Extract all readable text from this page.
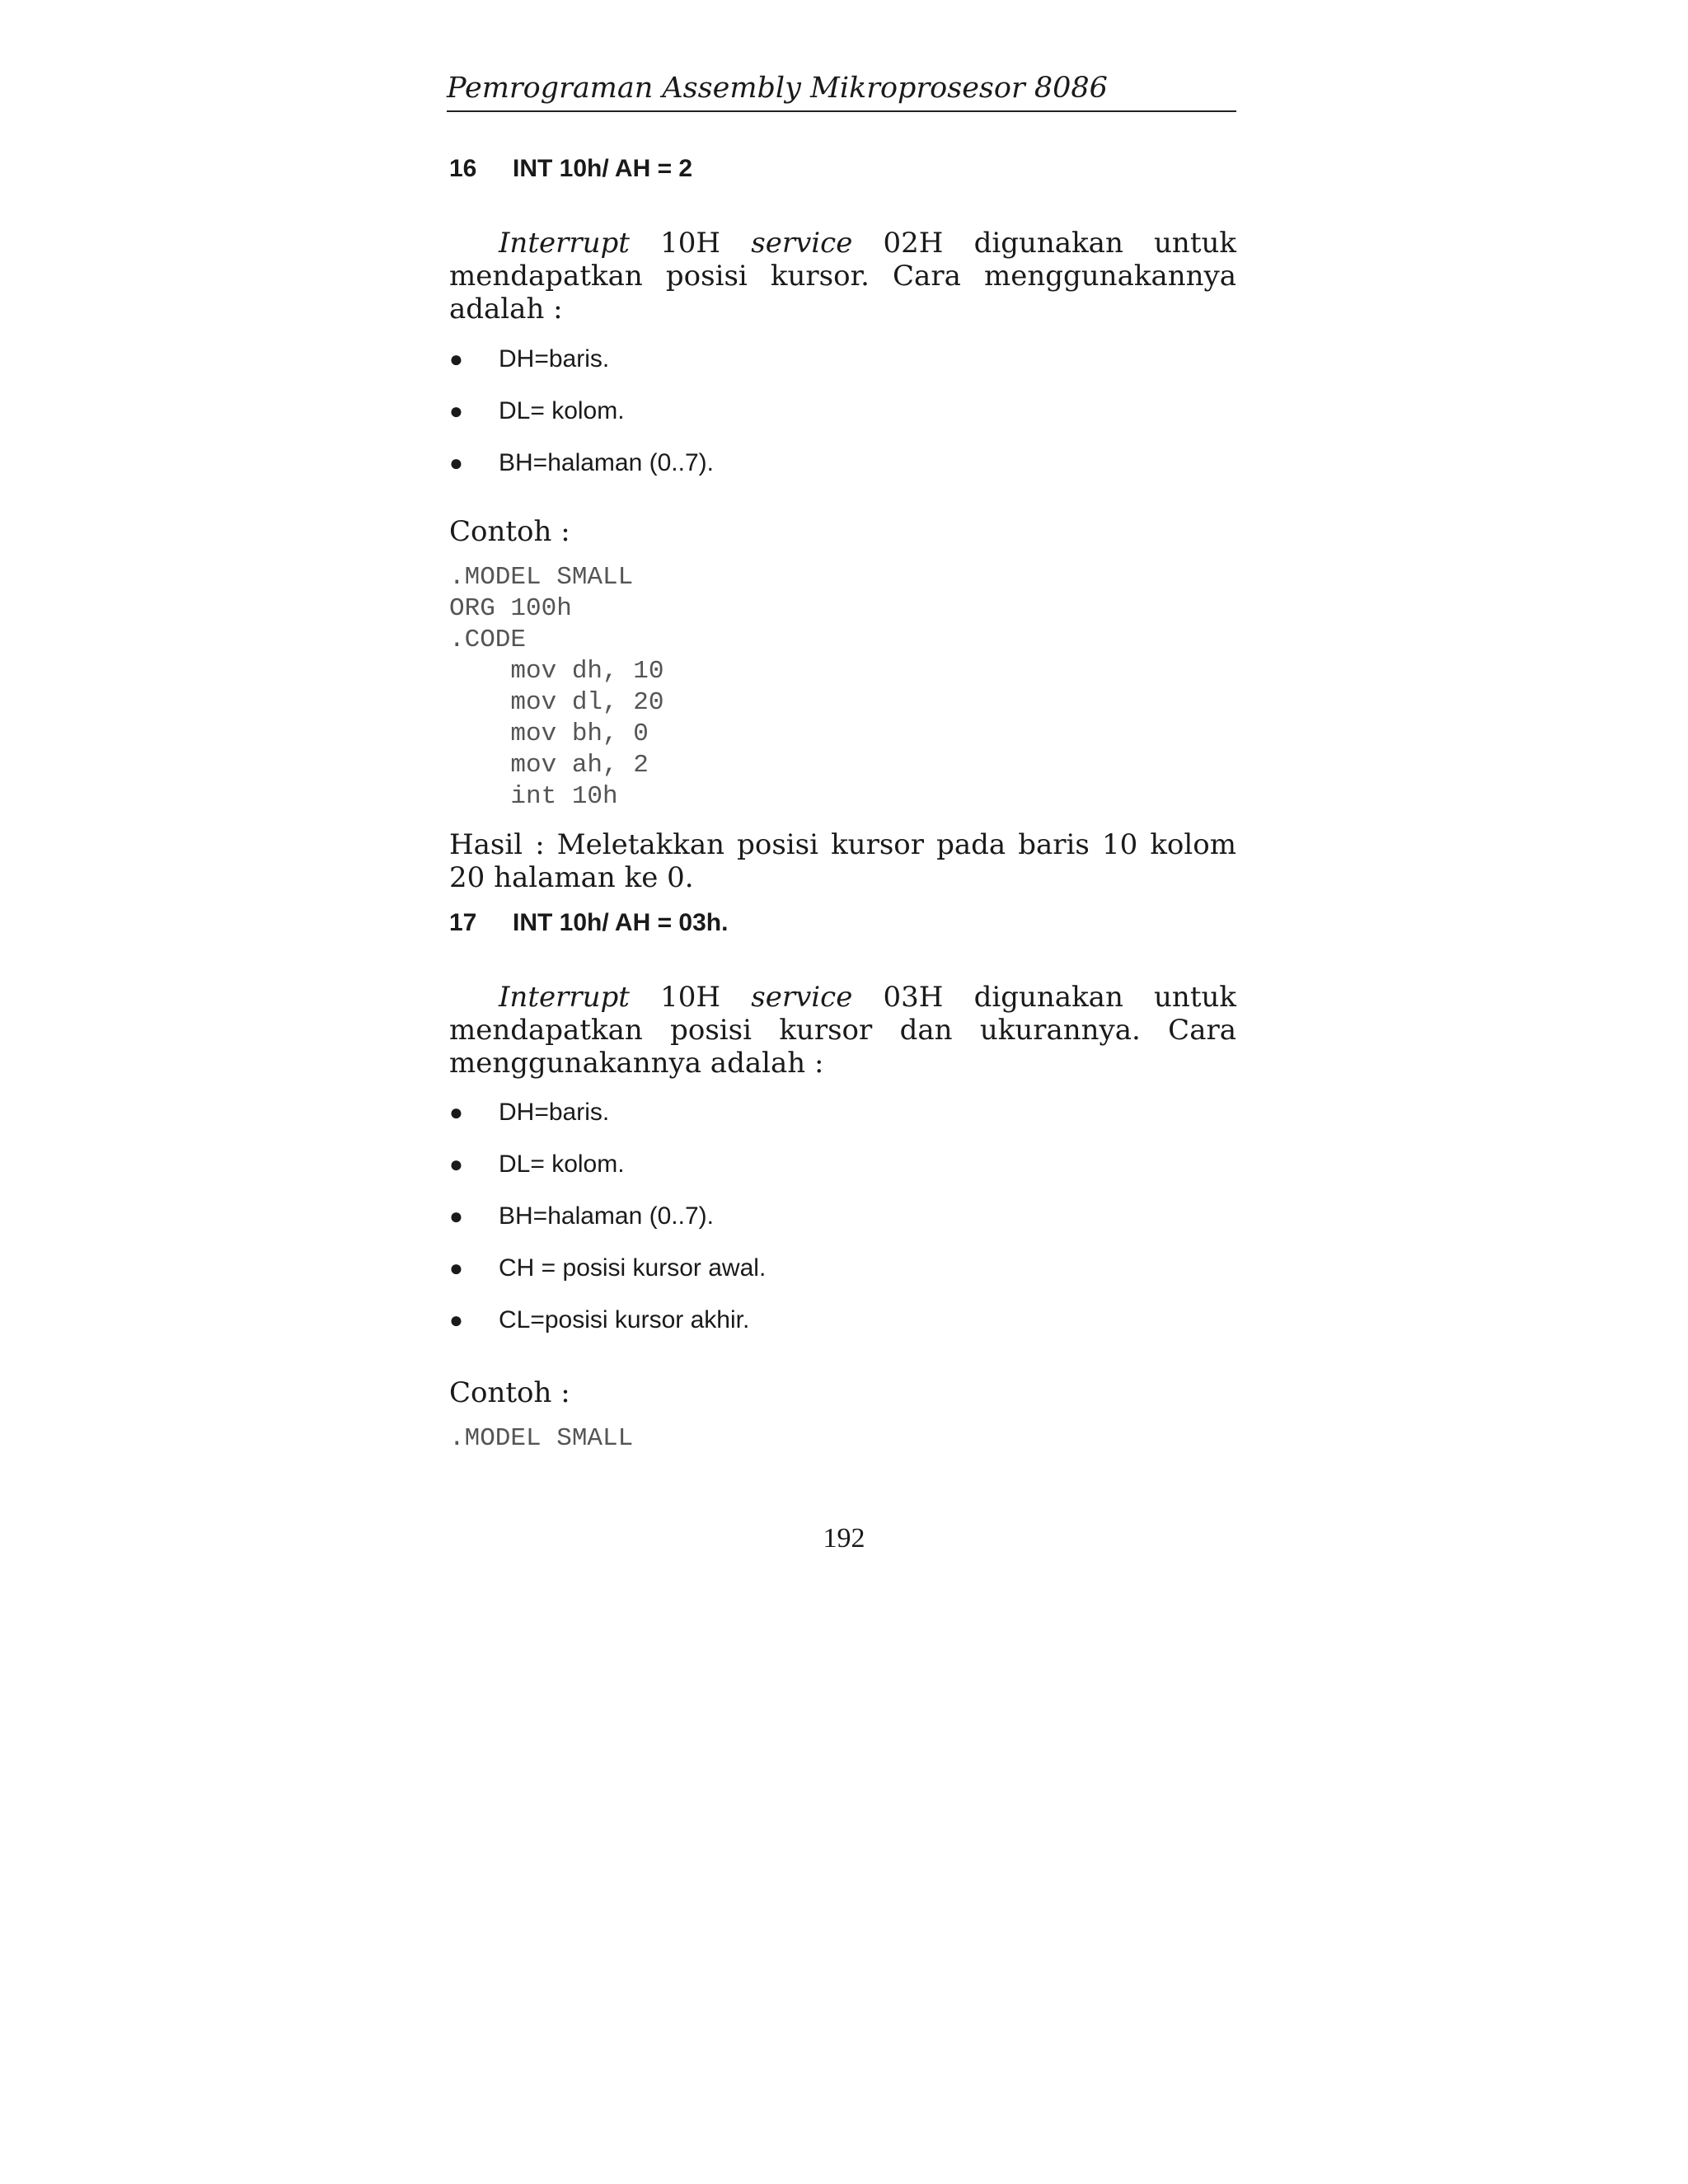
Pemrograman Assembly Mikroprosesor 8086
16	INT 10h/ AH = 2

Interrupt 10H service 02H digunakan untuk mendapatkan posisi kursor. Cara menggunakannya adalah :

●	DH=baris.
●	DL= kolom.
●	BH=halaman (0..7).

Contoh :

.MODEL SMALL
ORG 100h
.CODE
mov dh, 10
mov dl, 20
mov bh, 0
mov ah, 2
int 10h

Hasil : Meletakkan posisi kursor pada baris 10 kolom 20 halaman ke 0.

17	INT 10h/ AH = 03h.

Interrupt 10H service 03H digunakan untuk mendapatkan posisi kursor dan ukurannya. Cara menggunakannya adalah :

●	DH=baris.
●	DL= kolom.
●	BH=halaman (0..7).
●	CH = posisi kursor awal.
●	CL=posisi kursor akhir.

Contoh :

.MODEL SMALL
192
